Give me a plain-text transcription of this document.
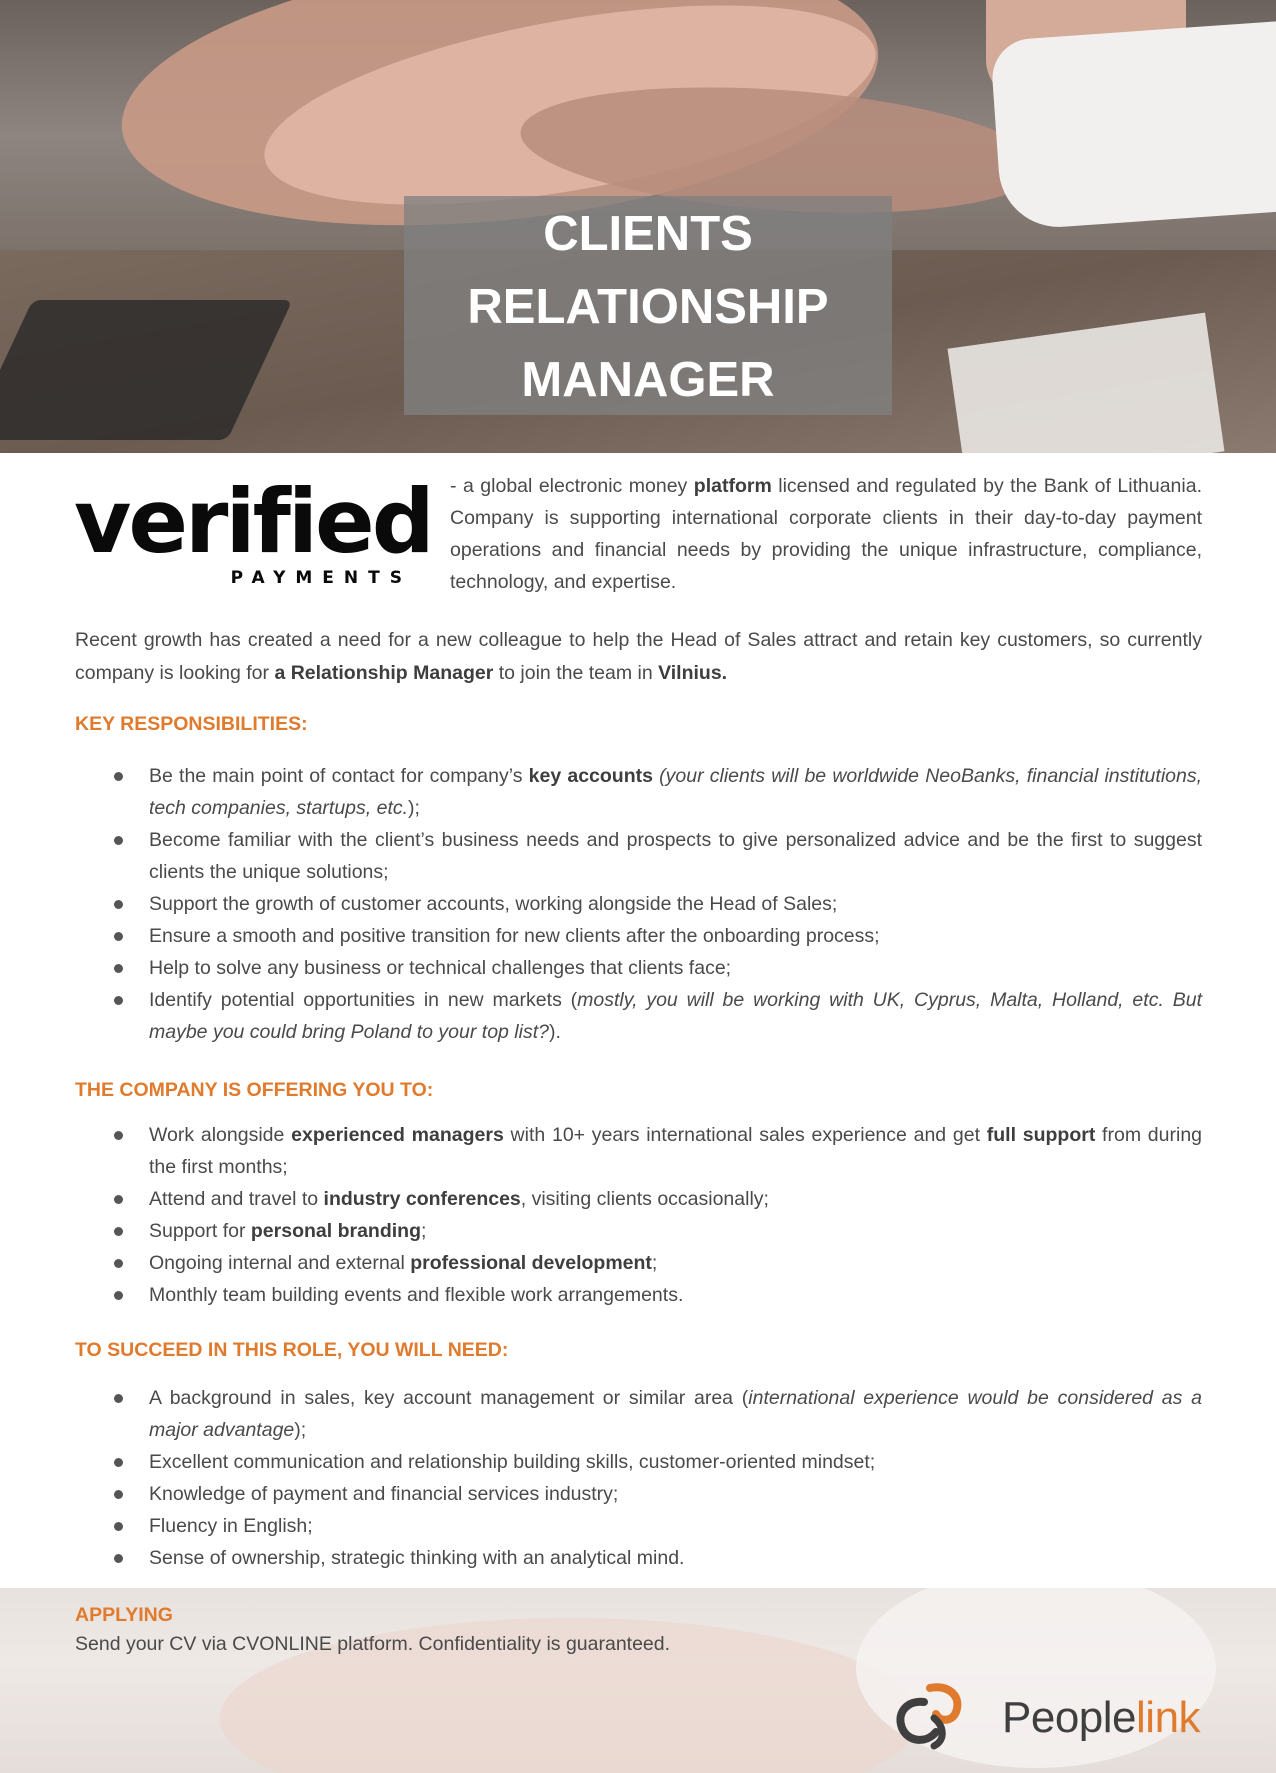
CLIENTS
RELATIONSHIP
MANAGER
verified
PAYMENTS

- a global electronic money platform licensed and regulated by the Bank of Lithuania. Company is supporting international corporate clients in their day-to-day payment operations and financial needs by providing the unique infrastructure, compliance, technology, and expertise.

Recent growth has created a need for a new colleague to help the Head of Sales attract and retain key customers, so currently company is looking for a Relationship Manager to join the team in Vilnius.

KEY RESPONSIBILITIES:
Be the main point of contact for company’s key accounts (your clients will be worldwide NeoBanks, financial institutions, tech companies, startups, etc.);
Become familiar with the client’s business needs and prospects to give personalized advice and be the first to suggest clients the unique solutions;
Support the growth of customer accounts, working alongside the Head of Sales;
Ensure a smooth and positive transition for new clients after the onboarding process;
Help to solve any business or technical challenges that clients face;
Identify potential opportunities in new markets (mostly, you will be working with UK, Cyprus, Malta, Holland, etc. But maybe you could bring Poland to your top list?).
THE COMPANY IS OFFERING YOU TO:
Work alongside experienced managers with 10+ years international sales experience and get full support from during the first months;
Attend and travel to industry conferences, visiting clients occasionally;
Support for personal branding;
Ongoing internal and external professional development;
Monthly team building events and flexible work arrangements.
TO SUCCEED IN THIS ROLE, YOU WILL NEED:
A background in sales, key account management or similar area (international experience would be considered as a major advantage);
Excellent communication and relationship building skills, customer-oriented mindset;
Knowledge of payment and financial services industry;
Fluency in English;
Sense of ownership, strategic thinking with an analytical mind.
APPLYING

Send your CV via CVONLINE platform. Confidentiality is guaranteed.

Peoplelink
